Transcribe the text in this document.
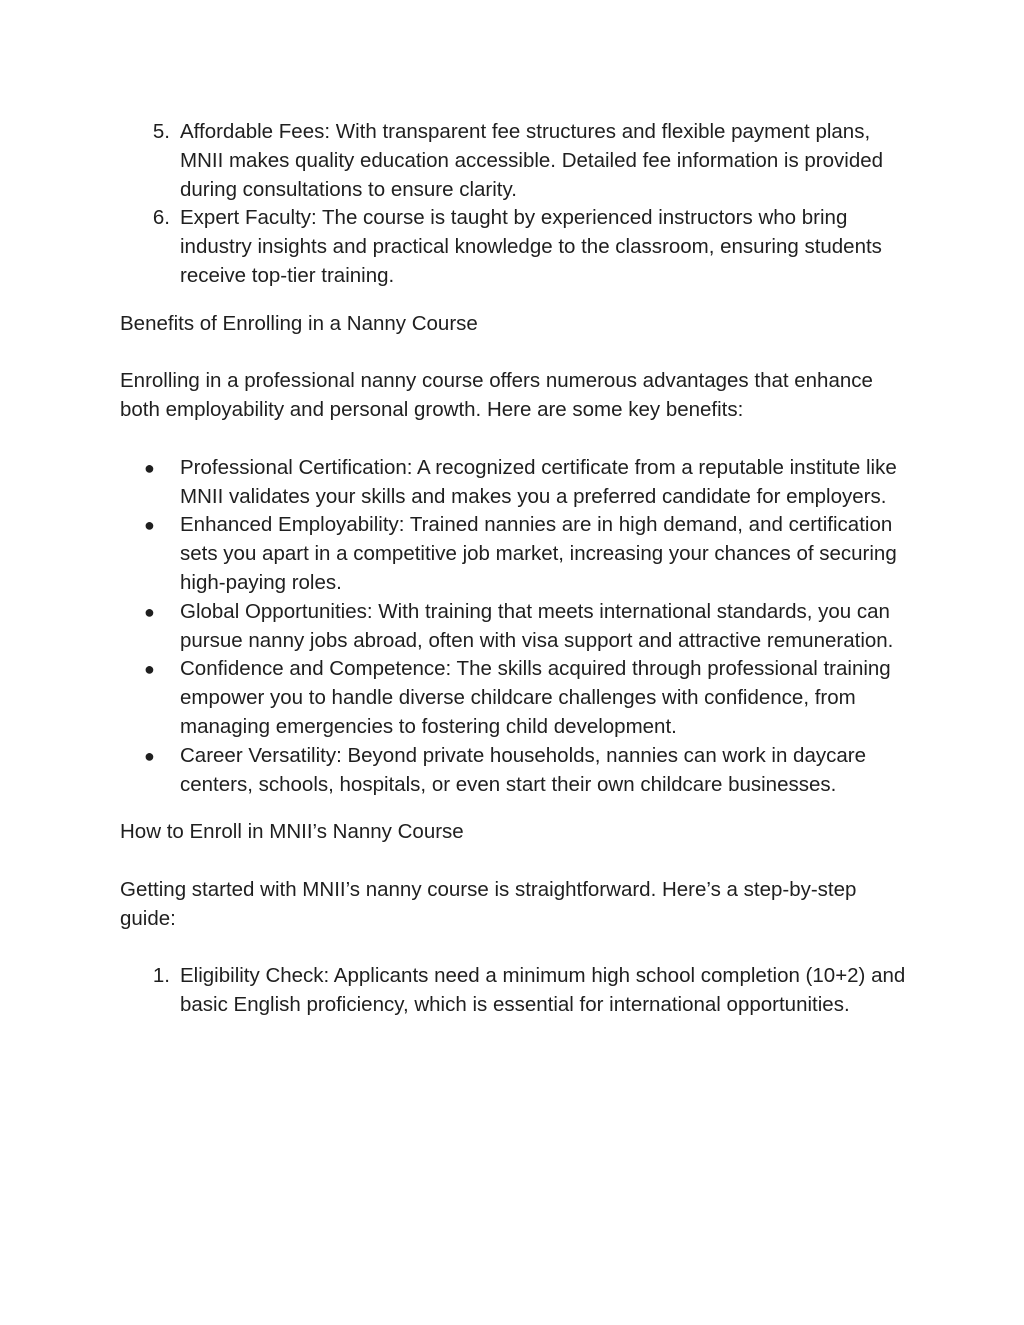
5. Affordable Fees: With transparent fee structures and flexible payment plans, MNII makes quality education accessible. Detailed fee information is provided during consultations to ensure clarity.
6. Expert Faculty: The course is taught by experienced instructors who bring industry insights and practical knowledge to the classroom, ensuring students receive top-tier training.

Benefits of Enrolling in a Nanny Course

Enrolling in a professional nanny course offers numerous advantages that enhance both employability and personal growth. Here are some key benefits:

● Professional Certification: A recognized certificate from a reputable institute like MNII validates your skills and makes you a preferred candidate for employers.
● Enhanced Employability: Trained nannies are in high demand, and certification sets you apart in a competitive job market, increasing your chances of securing high-paying roles.
● Global Opportunities: With training that meets international standards, you can pursue nanny jobs abroad, often with visa support and attractive remuneration.
● Confidence and Competence: The skills acquired through professional training empower you to handle diverse childcare challenges with confidence, from managing emergencies to fostering child development.
● Career Versatility: Beyond private households, nannies can work in daycare centers, schools, hospitals, or even start their own childcare businesses.

How to Enroll in MNII’s Nanny Course

Getting started with MNII’s nanny course is straightforward. Here’s a step-by-step guide:

1. Eligibility Check: Applicants need a minimum high school completion (10+2) and basic English proficiency, which is essential for international opportunities.
